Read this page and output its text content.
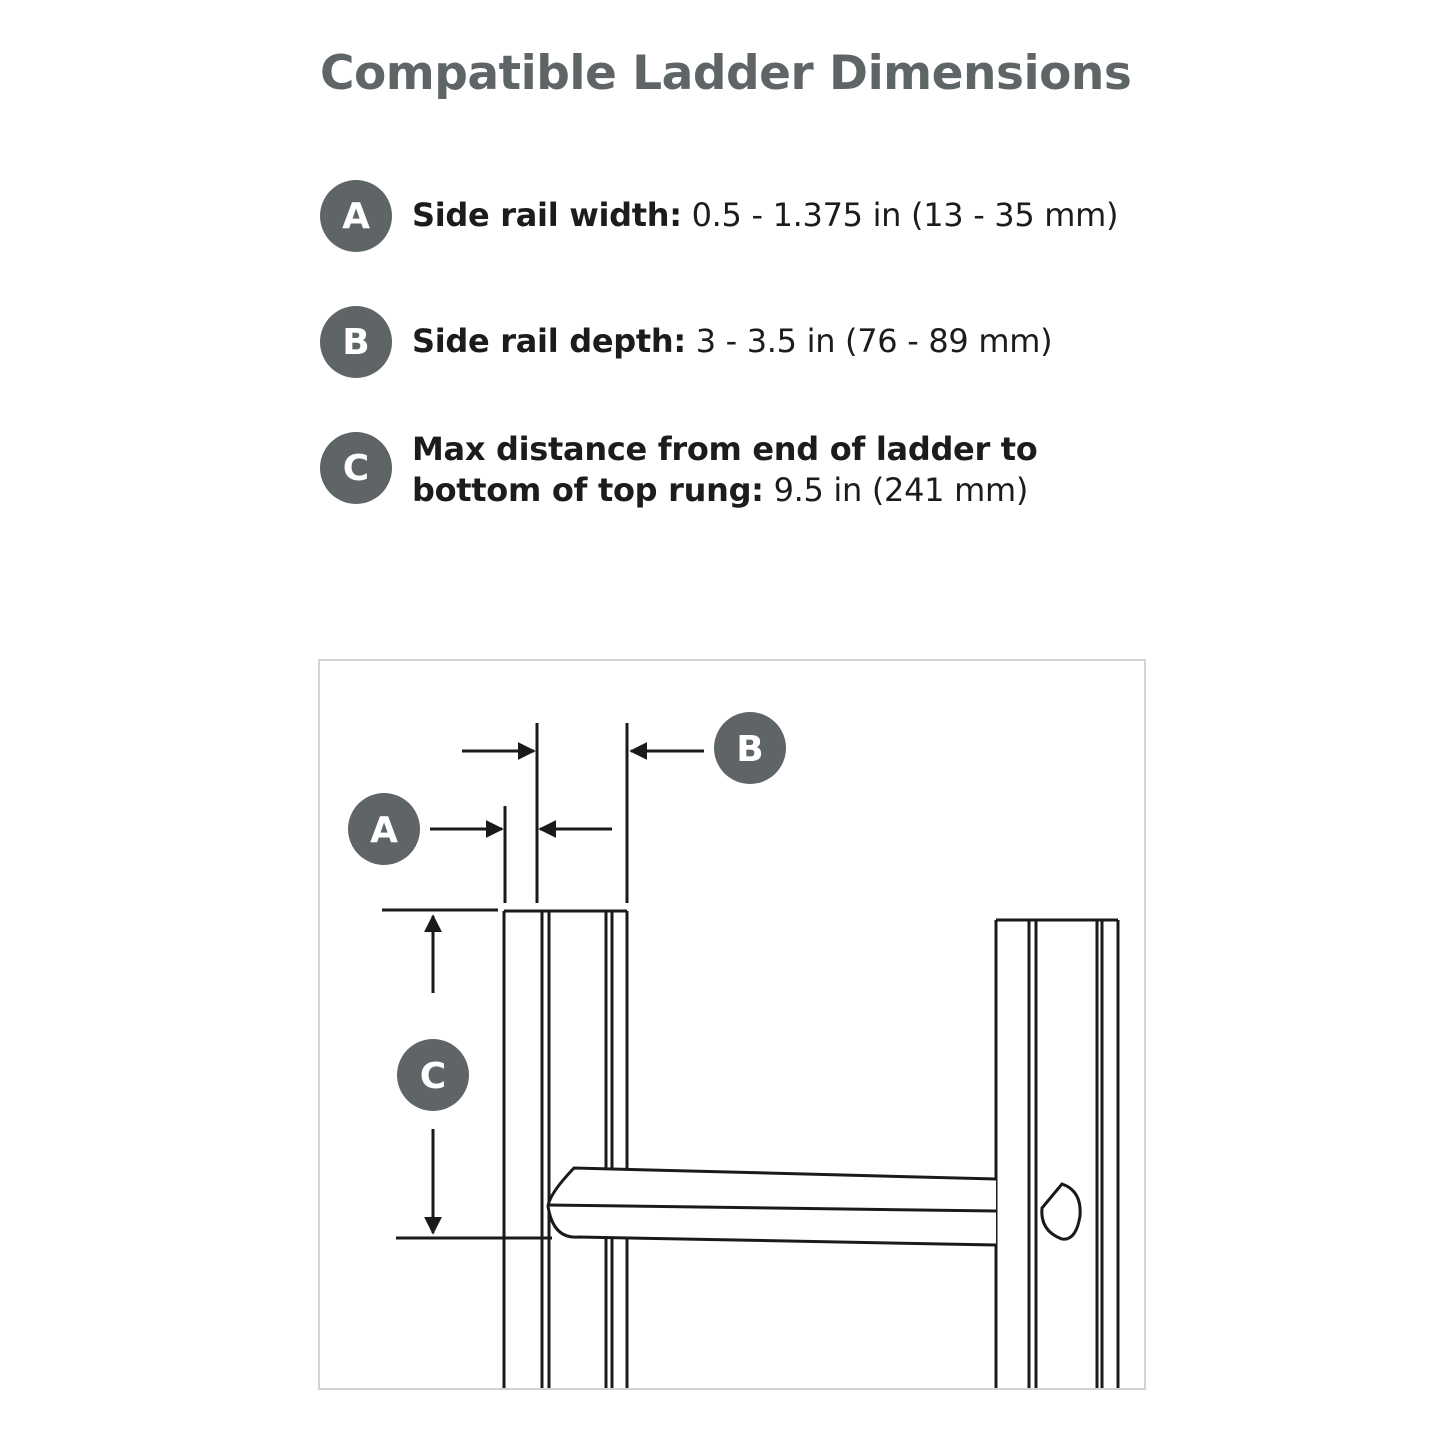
Compatible Ladder Dimensions
A	Side rail width: 0.5 - 1.375 in (13 - 35 mm)
B	Side rail depth: 3 - 3.5 in (76 - 89 mm)
C	Max distance from end of ladder to bottom of top rung: 9.5 in (241 mm)
A
B
C
